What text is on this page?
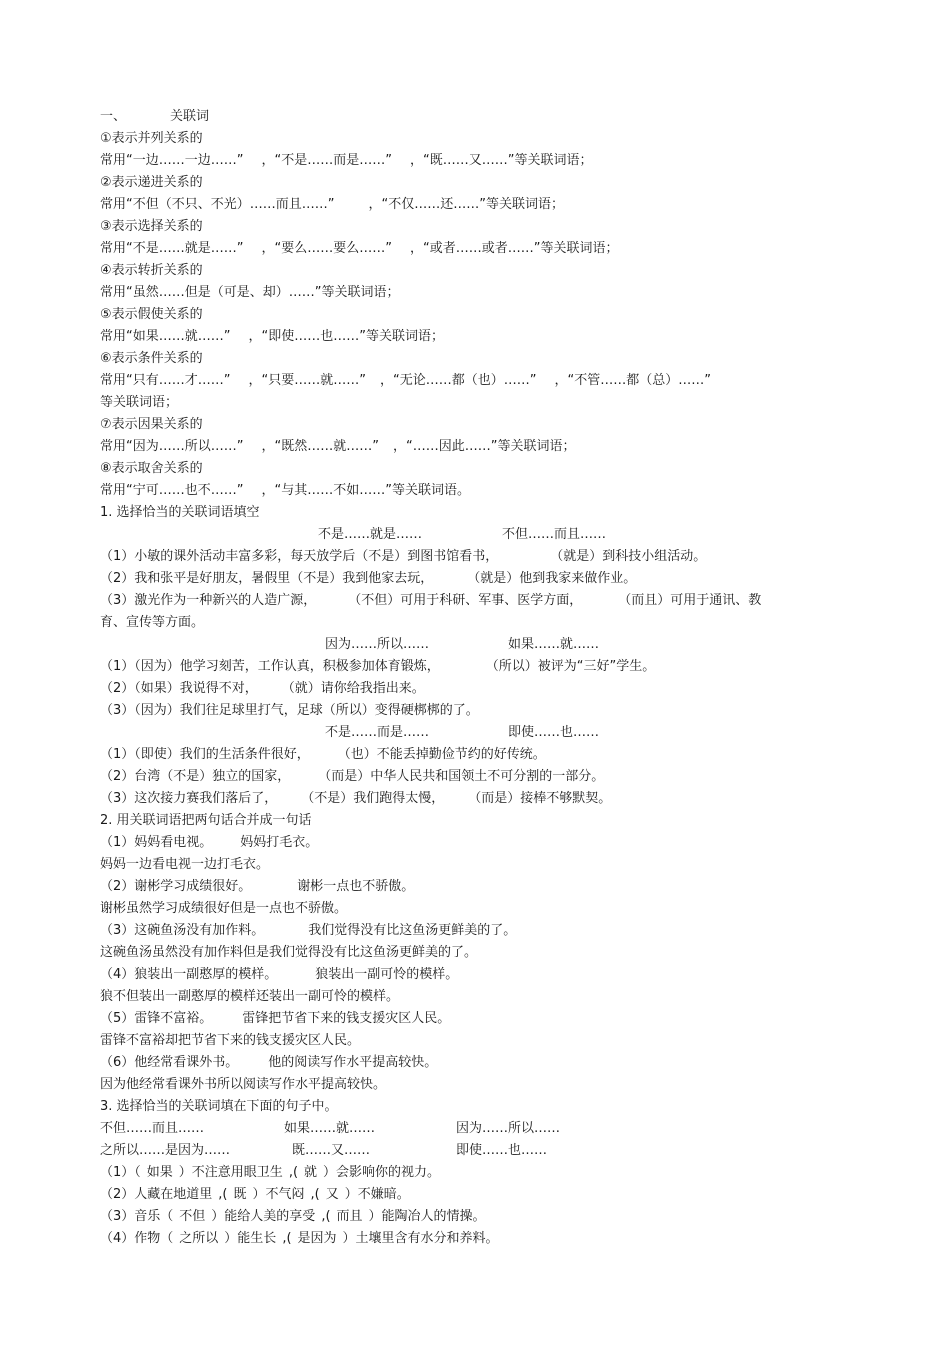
一、	关联词
①表示并列关系的
常用“一边……一边……” ，“不是……而是……” ，“既……又……”等关联词语；
②表示递进关系的
常用“不但（不只、不光）……而且……”	，“不仅……还……”等关联词语；
③表示选择关系的
常用“不是……就是……” ，“要么……要么……” ，“或者……或者……”等关联词语；
④表示转折关系的
常用“虽然……但是（可是、却）……”等关联词语；
⑤表示假使关系的
常用“如果……就……” ，“即使……也……”等关联词语；
⑥表示条件关系的
常用“只有……才……” ，“只要……就……” ，“无论……都（也）……” ，“不管……都（总）……”
等关联词语；
⑦表示因果关系的
常用“因为……所以……” ，“既然……就……” ，“……因此……”等关联词语；
⑧表示取舍关系的
常用“宁可……也不……” ，“与其……不如……”等关联词语。
1. 选择恰当的关联词语填空
不是……就是……	不但……而且……
（1）小敏的课外活动丰富多彩，每天放学后（不是）到图书馆看书，	（就是）到科技小组活动。
（2）我和张平是好朋友，暑假里（不是）我到他家去玩，	（就是）他到我家来做作业。
（3）激光作为一种新兴的人造广源， （不但）可用于科研、军事、医学方面，	（而且）可用于通讯、教
育、宣传等方面。
因为……所以……	如果……就……
（1）（因为）他学习刻苦，工作认真，积极参加体育锻炼，	（所以）被评为“三好”学生。
（2）（如果）我说得不对， （就）请你给我指出来。
（3）（因为）我们往足球里打气，足球（所以）变得硬梆梆的了。
不是……而是……	即使……也……
（1）（即使）我们的生活条件很好， （也）不能丢掉勤俭节约的好传统。
（2）台湾（不是）独立的国家， （而是）中华人民共和国领土不可分割的一部分。
（3）这次接力赛我们落后了， （不是）我们跑得太慢， （而是）接棒不够默契。
2. 用关联词语把两句话合并成一句话
（1）妈妈看电视。 妈妈打毛衣。
妈妈一边看电视一边打毛衣。
（2）谢彬学习成绩很好。	谢彬一点也不骄傲。
谢彬虽然学习成绩很好但是一点也不骄傲。
（3）这碗鱼汤没有加作料。	我们觉得没有比这鱼汤更鲜美的了。
这碗鱼汤虽然没有加作料但是我们觉得没有比这鱼汤更鲜美的了。
（4）狼装出一副憨厚的模样。	狼装出一副可怜的模样。
狼不但装出一副憨厚的模样还装出一副可怜的模样。
（5）雷锋不富裕。 雷锋把节省下来的钱支援灾区人民。
雷锋不富裕却把节省下来的钱支援灾区人民。
（6）他经常看课外书。 他的阅读写作水平提高较快。
因为他经常看课外书所以阅读写作水平提高较快。
3. 选择恰当的关联词填在下面的句子中。
不但……而且……	如果……就……	因为……所以……
之所以……是因为……	既……又……	即使……也……
（1）（ 如果 ）不注意用眼卫生 ,( 就 ）会影响你的视力。
（2）人藏在地道里 ,( 既 ）不气闷 ,( 又 ）不嫌暗。
（3）音乐（ 不但 ）能给人美的享受 ,( 而且 ）能陶冶人的情操。
（4）作物（ 之所以 ）能生长 ,( 是因为 ）土壤里含有水分和养料。
